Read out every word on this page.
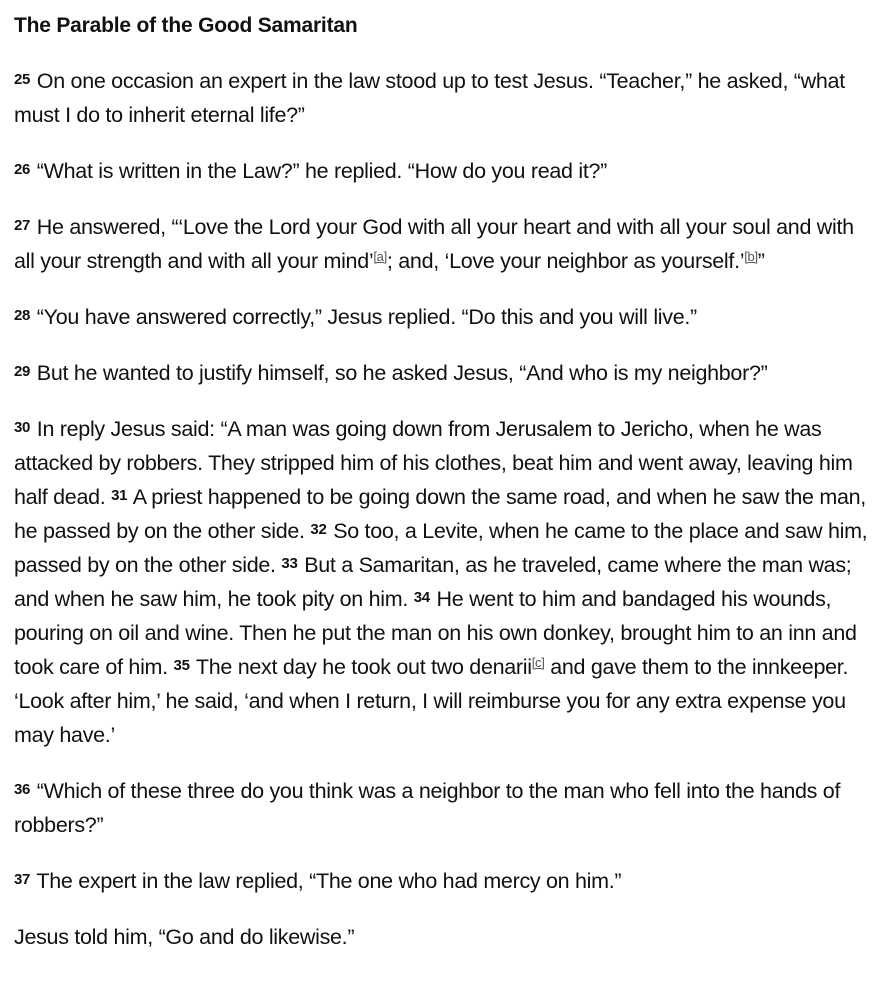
The Parable of the Good Samaritan

$^{25}$ On one occasion an expert in the law stood up to test Jesus. “Teacher,” he asked, “what must I do to inherit eternal life?”

$^{26}$ “What is written in the Law?” he replied. “How do you read it?”

$^{27}$ He answered, “‘Love the Lord your God with all your heart and with all your soul and with all your strength and with all your mind’[a]; and, ‘Love your neighbor as yourself.’[b]”

$^{28}$ “You have answered correctly,” Jesus replied. “Do this and you will live.”

$^{29}$ But he wanted to justify himself, so he asked Jesus, “And who is my neighbor?”

$^{30}$ In reply Jesus said: “A man was going down from Jerusalem to Jericho, when he was attacked by robbers. They stripped him of his clothes, beat him and went away, leaving him half dead. $^{31}$ A priest happened to be going down the same road, and when he saw the man, he passed by on the other side. $^{32}$ So too, a Levite, when he came to the place and saw him, passed by on the other side. $^{33}$ But a Samaritan, as he traveled, came where the man was; and when he saw him, he took pity on him. $^{34}$ He went to him and bandaged his wounds, pouring on oil and wine. Then he put the man on his own donkey, brought him to an inn and took care of him. $^{35}$ The next day he took out two denarii[c] and gave them to the innkeeper. ‘Look after him,’ he said, ‘and when I return, I will reimburse you for any extra expense you may have.’

$^{36}$ “Which of these three do you think was a neighbor to the man who fell into the hands of robbers?”

$^{37}$ The expert in the law replied, “The one who had mercy on him.”

Jesus told him, “Go and do likewise.”
